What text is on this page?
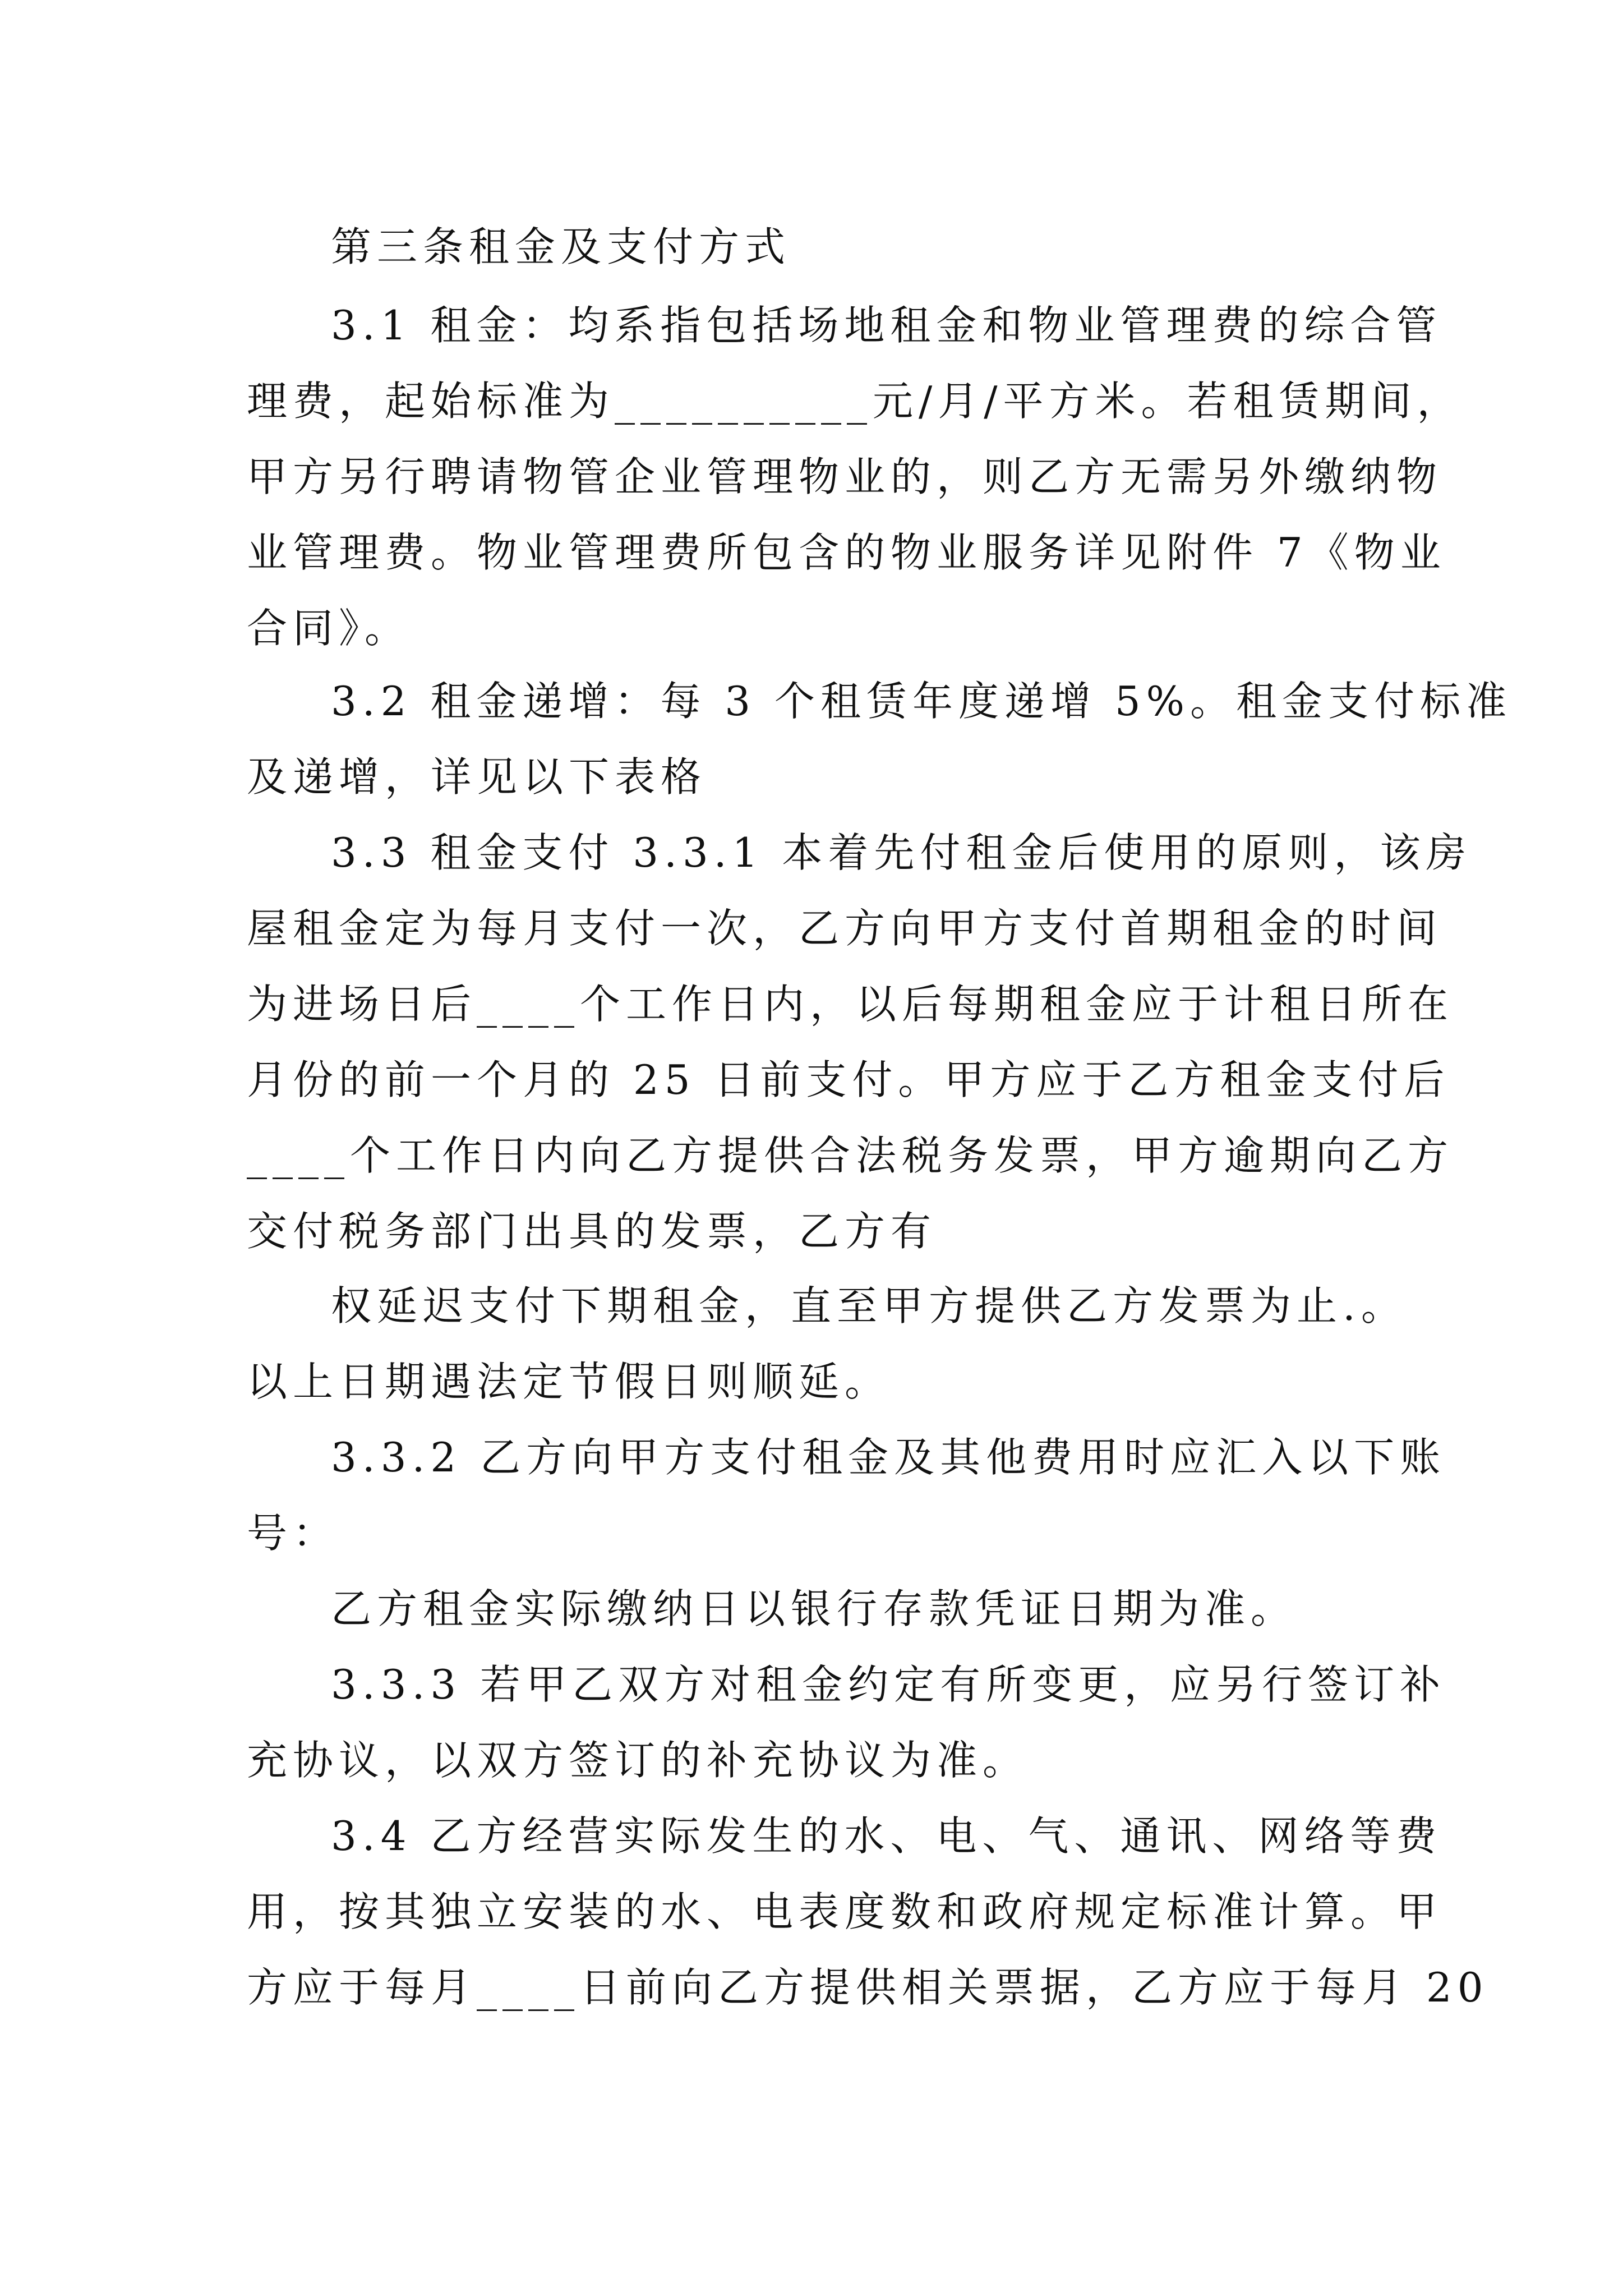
第三条租金及支付方式
3.1 租金：均系指包括场地租金和物业管理费的综合管
理费，起始标准为__________元/月/平方米。若租赁期间，
甲方另行聘请物管企业管理物业的，则乙方无需另外缴纳物
业管理费。物业管理费所包含的物业服务详见附件 7《物业
合同》。
3.2 租金递增：每 3 个租赁年度递增 5%。租金支付标准
及递增，详见以下表格
3.3 租金支付 3.3.1 本着先付租金后使用的原则，该房
屋租金定为每月支付一次，乙方向甲方支付首期租金的时间
为进场日后____个工作日内，以后每期租金应于计租日所在
月份的前一个月的 25 日前支付。甲方应于乙方租金支付后
____个工作日内向乙方提供合法税务发票，甲方逾期向乙方
交付税务部门出具的发票，乙方有
权延迟支付下期租金，直至甲方提供乙方发票为止.。
以上日期遇法定节假日则顺延。
3.3.2 乙方向甲方支付租金及其他费用时应汇入以下账
号：
乙方租金实际缴纳日以银行存款凭证日期为准。
3.3.3 若甲乙双方对租金约定有所变更，应另行签订补
充协议，以双方签订的补充协议为准。
3.4 乙方经营实际发生的水、电、气、通讯、网络等费
用，按其独立安装的水、电表度数和政府规定标准计算。甲
方应于每月____日前向乙方提供相关票据，乙方应于每月 20
